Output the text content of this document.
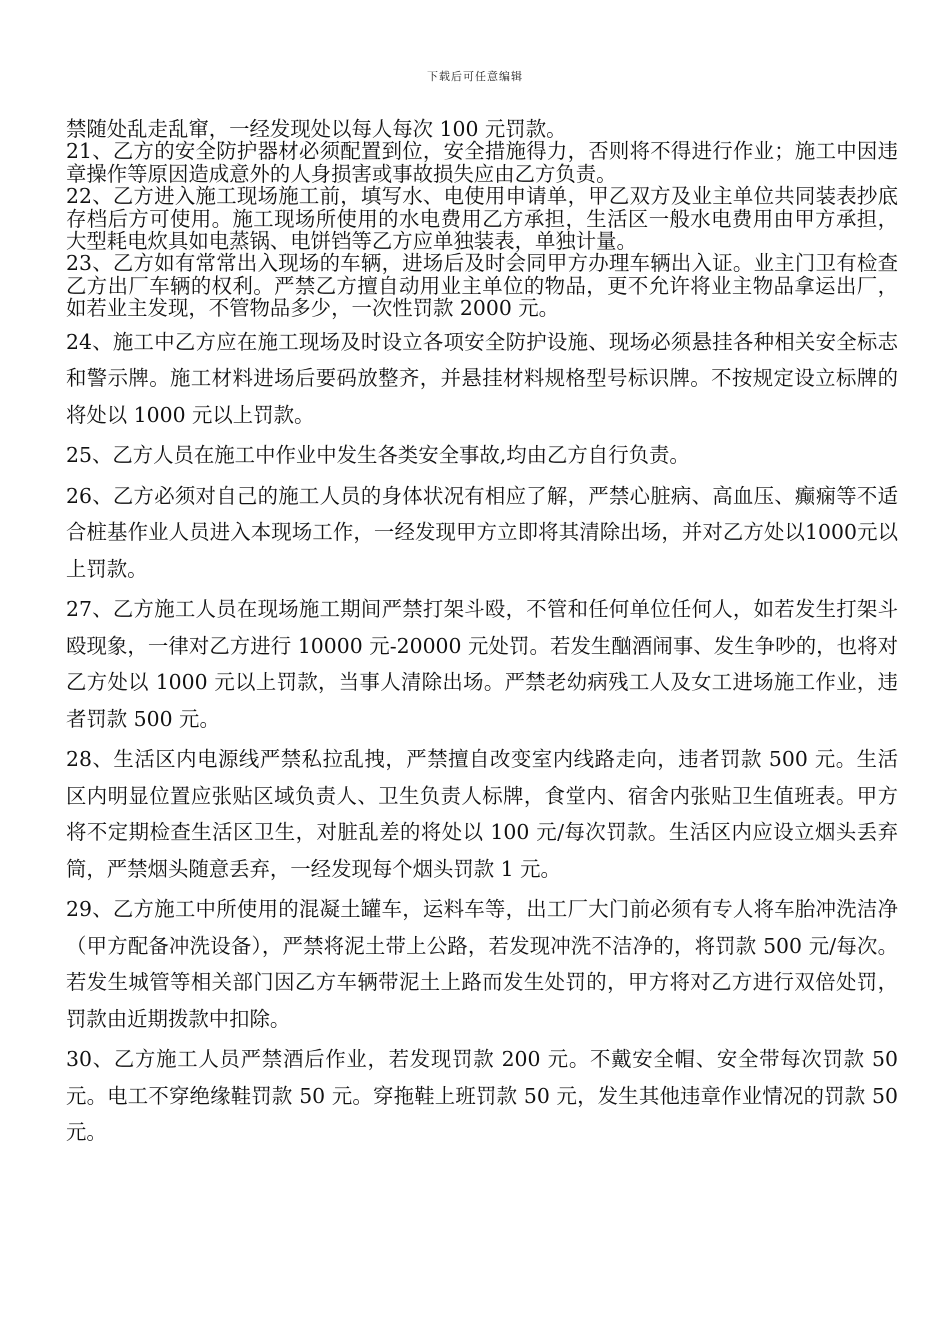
下载后可任意编辑

禁随处乱走乱窜，一经发现处以每人每次 100 元罚款。

21、乙方的安全防护器材必须配置到位，安全措施得力，否则将不得进行作业；施工中因违章操作等原因造成意外的人身损害或事故损失应由乙方负责。

22、乙方进入施工现场施工前，填写水、电使用申请单，甲乙双方及业主单位共同装表抄底存档后方可使用。施工现场所使用的水电费用乙方承担，生活区一般水电费用由甲方承担，大型耗电炊具如电蒸锅、电饼铛等乙方应单独装表，单独计量。

23、乙方如有常常出入现场的车辆，进场后及时会同甲方办理车辆出入证。业主门卫有检查乙方出厂车辆的权利。严禁乙方擅自动用业主单位的物品，更不允许将业主物品拿运出厂，如若业主发现，不管物品多少，一次性罚款 2000 元。

24、施工中乙方应在施工现场及时设立各项安全防护设施、现场必须悬挂各种相关安全标志和警示牌。施工材料进场后要码放整齐，并悬挂材料规格型号标识牌。不按规定设立标牌的将处以 1000 元以上罚款。

25、乙方人员在施工中作业中发生各类安全事故,均由乙方自行负责。

26、乙方必须对自己的施工人员的身体状况有相应了解，严禁心脏病、高血压、癫痫等不适合桩基作业人员进入本现场工作，一经发现甲方立即将其清除出场，并对乙方处以1000元以上罚款。

27、乙方施工人员在现场施工期间严禁打架斗殴，不管和任何单位任何人，如若发生打架斗殴现象，一律对乙方进行 10000 元-20000 元处罚。若发生酗酒闹事、发生争吵的，也将对乙方处以 1000 元以上罚款，当事人清除出场。严禁老幼病残工人及女工进场施工作业，违者罚款 500 元。

28、生活区内电源线严禁私拉乱拽，严禁擅自改变室内线路走向，违者罚款 500 元。生活区内明显位置应张贴区域负责人、卫生负责人标牌，食堂内、宿舍内张贴卫生值班表。甲方将不定期检查生活区卫生，对脏乱差的将处以 100 元/每次罚款。生活区内应设立烟头丢弃筒，严禁烟头随意丢弃，一经发现每个烟头罚款 1 元。

29、乙方施工中所使用的混凝土罐车，运料车等，出工厂大门前必须有专人将车胎冲洗洁净（甲方配备冲洗设备），严禁将泥土带上公路，若发现冲洗不洁净的，将罚款 500 元/每次。若发生城管等相关部门因乙方车辆带泥土上路而发生处罚的，甲方将对乙方进行双倍处罚，罚款由近期拨款中扣除。

30、乙方施工人员严禁酒后作业，若发现罚款 200 元。不戴安全帽、安全带每次罚款 50 元。电工不穿绝缘鞋罚款 50 元。穿拖鞋上班罚款 50 元，发生其他违章作业情况的罚款 50 元。
